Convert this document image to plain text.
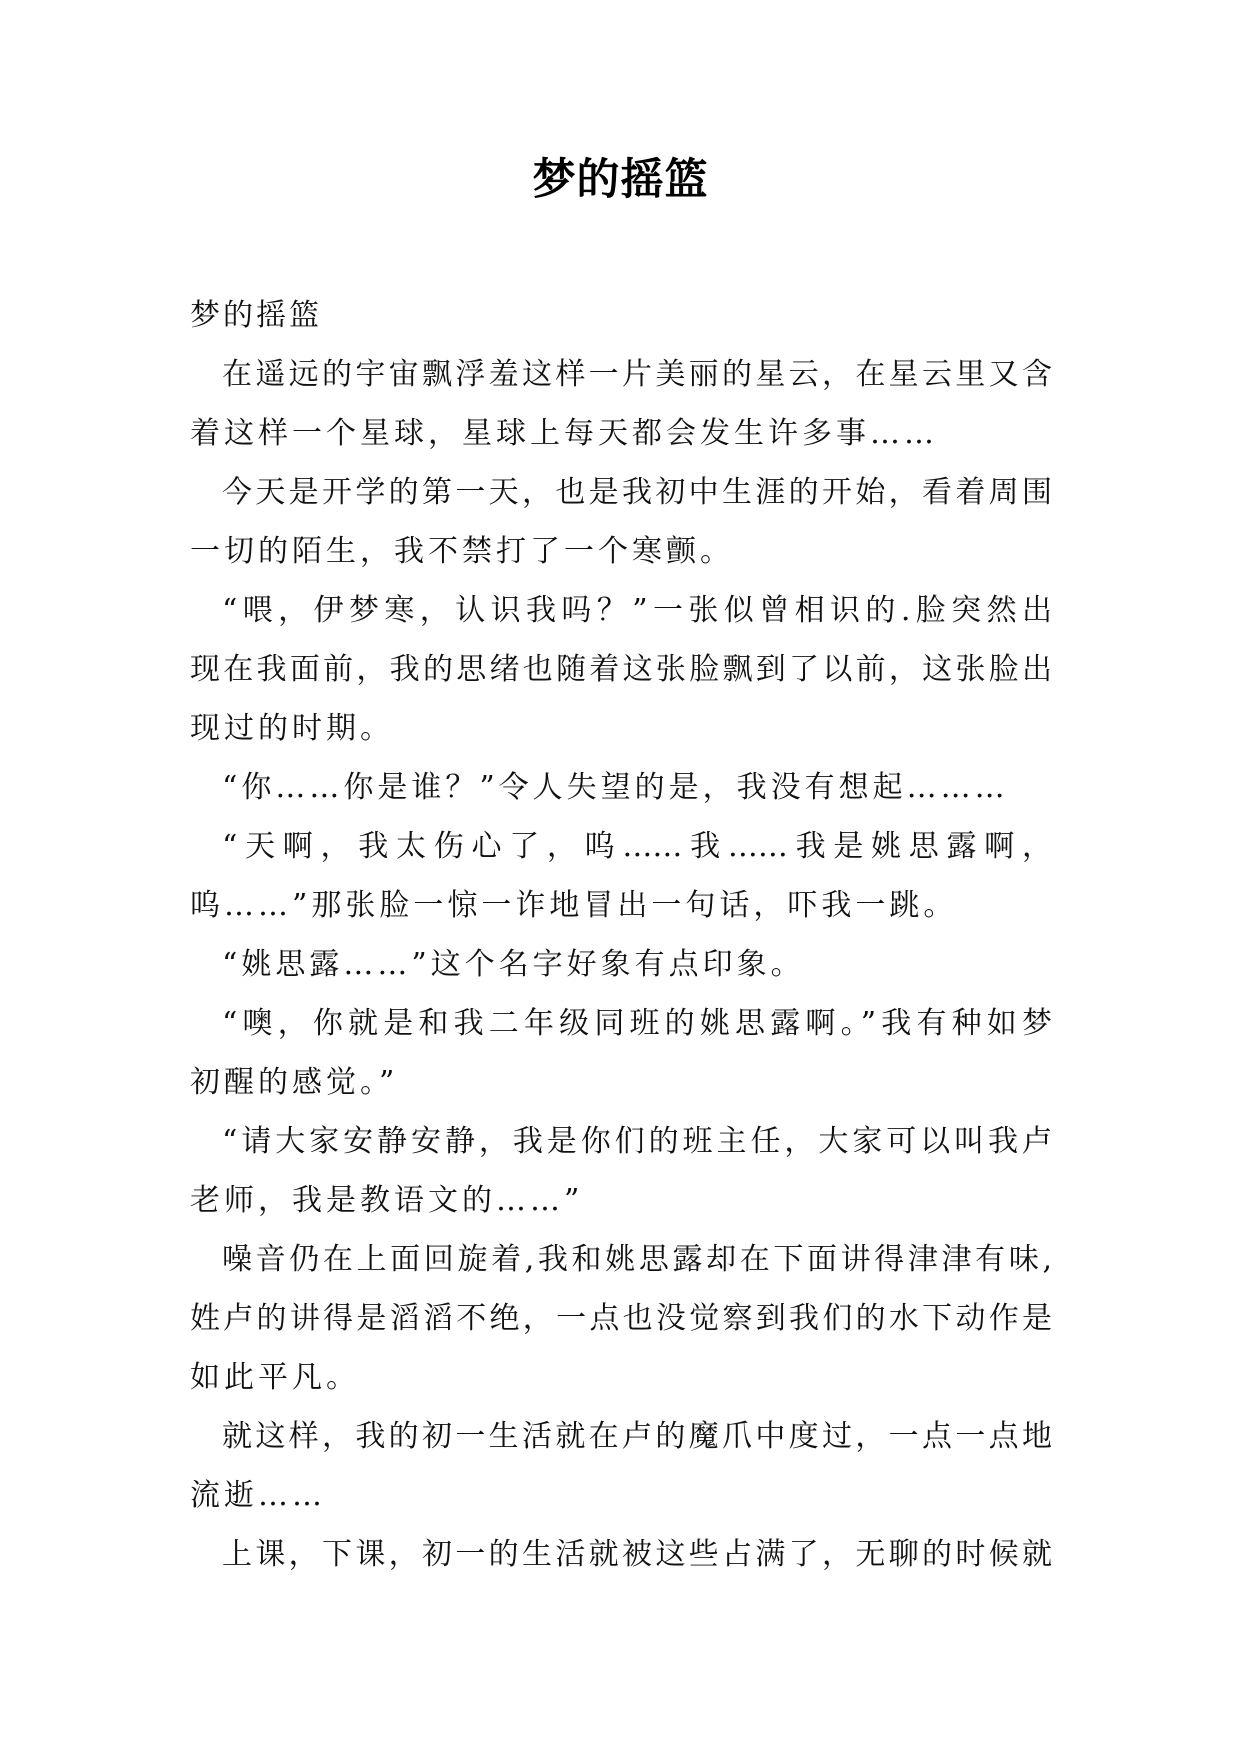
梦的摇篮
梦的摇篮
在遥远的宇宙飘浮羞这样一片美丽的星云，在星云里又含
着这样一个星球，星球上每天都会发生许多事……
今天是开学的第一天，也是我初中生涯的开始，看着周围
一切的陌生，我不禁打了一个寒颤。
“喂，伊梦寒，认识我吗？”一张似曾相识的.脸突然出
现在我面前，我的思绪也随着这张脸飘到了以前，这张脸出
现过的时期。
“你……你是谁？”令人失望的是，我没有想起………
“天啊，我太伤心了，呜……我……我是姚思露啊，
呜……”那张脸一惊一诈地冒出一句话，吓我一跳。
“姚思露……”这个名字好象有点印象。
“噢，你就是和我二年级同班的姚思露啊。”我有种如梦
初醒的感觉。”
“请大家安静安静，我是你们的班主任，大家可以叫我卢
老师，我是教语文的……”
噪音仍在上面回旋着,我和姚思露却在下面讲得津津有味,
姓卢的讲得是滔滔不绝，一点也没觉察到我们的水下动作是
如此平凡。
就这样，我的初一生活就在卢的魔爪中度过，一点一点地
流逝……
上课，下课，初一的生活就被这些占满了，无聊的时候就
